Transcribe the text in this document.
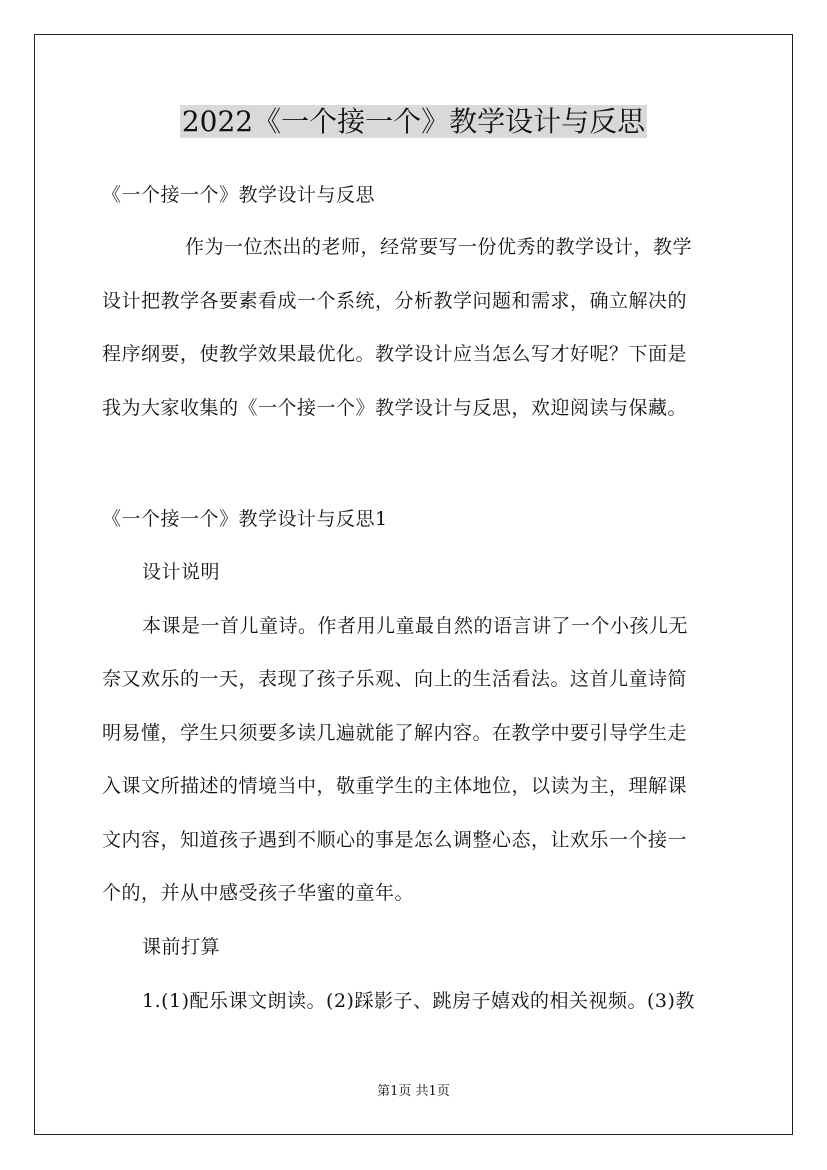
2022《一个接一个》教学设计与反思
《一个接一个》教学设计与反思
作为一位杰出的老师，经常要写一份优秀的教学设计，教学
设计把教学各要素看成一个系统，分析教学问题和需求，确立解决的
程序纲要，使教学效果最优化。教学设计应当怎么写才好呢？下面是
我为大家收集的《一个接一个》教学设计与反思，欢迎阅读与保藏。
《一个接一个》教学设计与反思1
设计说明
本课是一首儿童诗。作者用儿童最自然的语言讲了一个小孩儿无
奈又欢乐的一天，表现了孩子乐观、向上的生活看法。这首儿童诗简
明易懂，学生只须要多读几遍就能了解内容。在教学中要引导学生走
入课文所描述的情境当中，敬重学生的主体地位，以读为主，理解课
文内容，知道孩子遇到不顺心的事是怎么调整心态，让欢乐一个接一
个的，并从中感受孩子华蜜的童年。
课前打算
1.(1)配乐课文朗读。(2)踩影子、跳房子嬉戏的相关视频。(3)教
第1页 共1页
